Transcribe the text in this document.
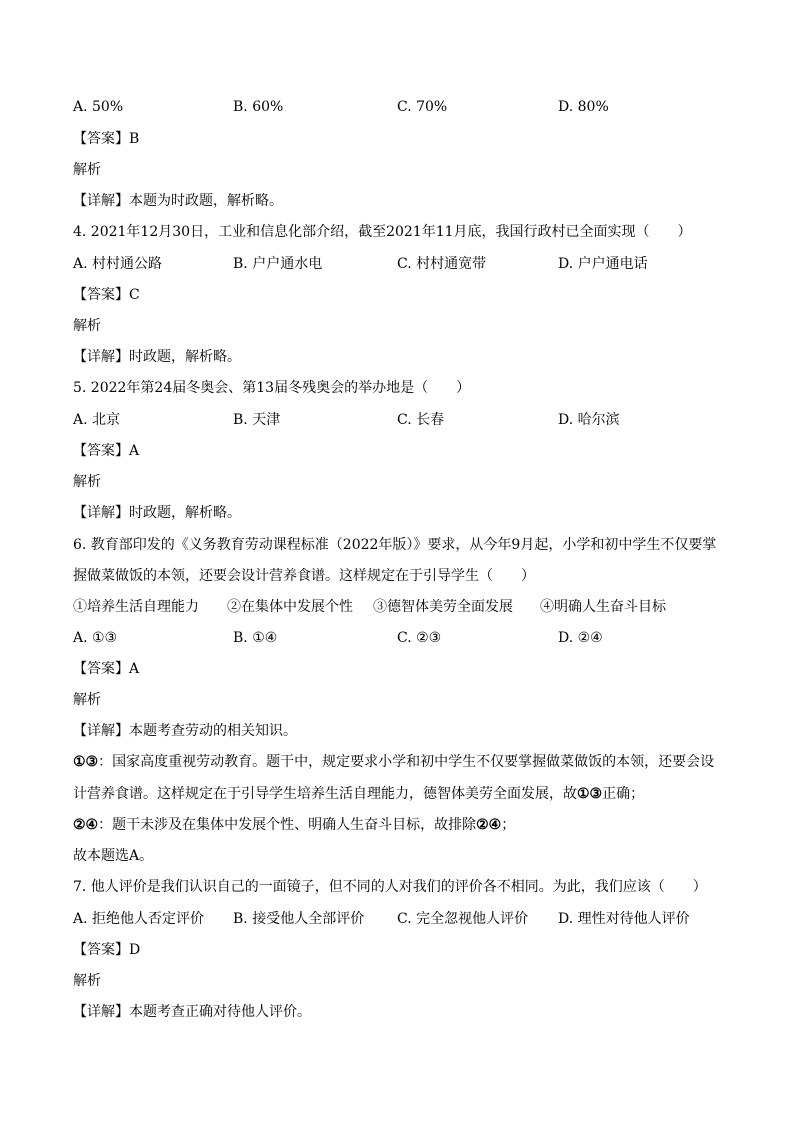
A. 50%	B. 60%	C. 70%	D. 80%
【答案】B
解析
【详解】本题为时政题，解析略。
4. 2021年12月30日，工业和信息化部介绍，截至2021年11月底，我国行政村已全面实现（　　）
A. 村村通公路	B. 户户通水电	C. 村村通宽带	D. 户户通电话
【答案】C
解析
【详解】时政题，解析略。
5. 2022年第24届冬奥会、第13届冬残奥会的举办地是（　　）
A. 北京	B. 天津	C. 长春	D. 哈尔滨
【答案】A
解析
【详解】时政题，解析略。
6. 教育部印发的《义务教育劳动课程标准（2022年版）》要求，从今年9月起，小学和初中学生不仅要掌
握做菜做饭的本领，还要会设计营养食谱。这样规定在于引导学生（　　）
①培养生活自理能力 ②在集体中发展个性 ③德智体美劳全面发展 ④明确人生奋斗目标
A. ①③	B. ①④	C. ②③	D. ②④
【答案】A
解析
【详解】本题考查劳动的相关知识。
①③：国家高度重视劳动教育。题干中，规定要求小学和初中学生不仅要掌握做菜做饭的本领，还要会设
计营养食谱。这样规定在于引导学生培养生活自理能力，德智体美劳全面发展，故①③正确；
②④：题干未涉及在集体中发展个性、明确人生奋斗目标，故排除②④；
故本题选A。
7. 他人评价是我们认识自己的一面镜子，但不同的人对我们的评价各不相同。为此，我们应该（　　）
A. 拒绝他人否定评价 B. 接受他人全部评价 C. 完全忽视他人评价 D. 理性对待他人评价
【答案】D
解析
【详解】本题考查正确对待他人评价。
